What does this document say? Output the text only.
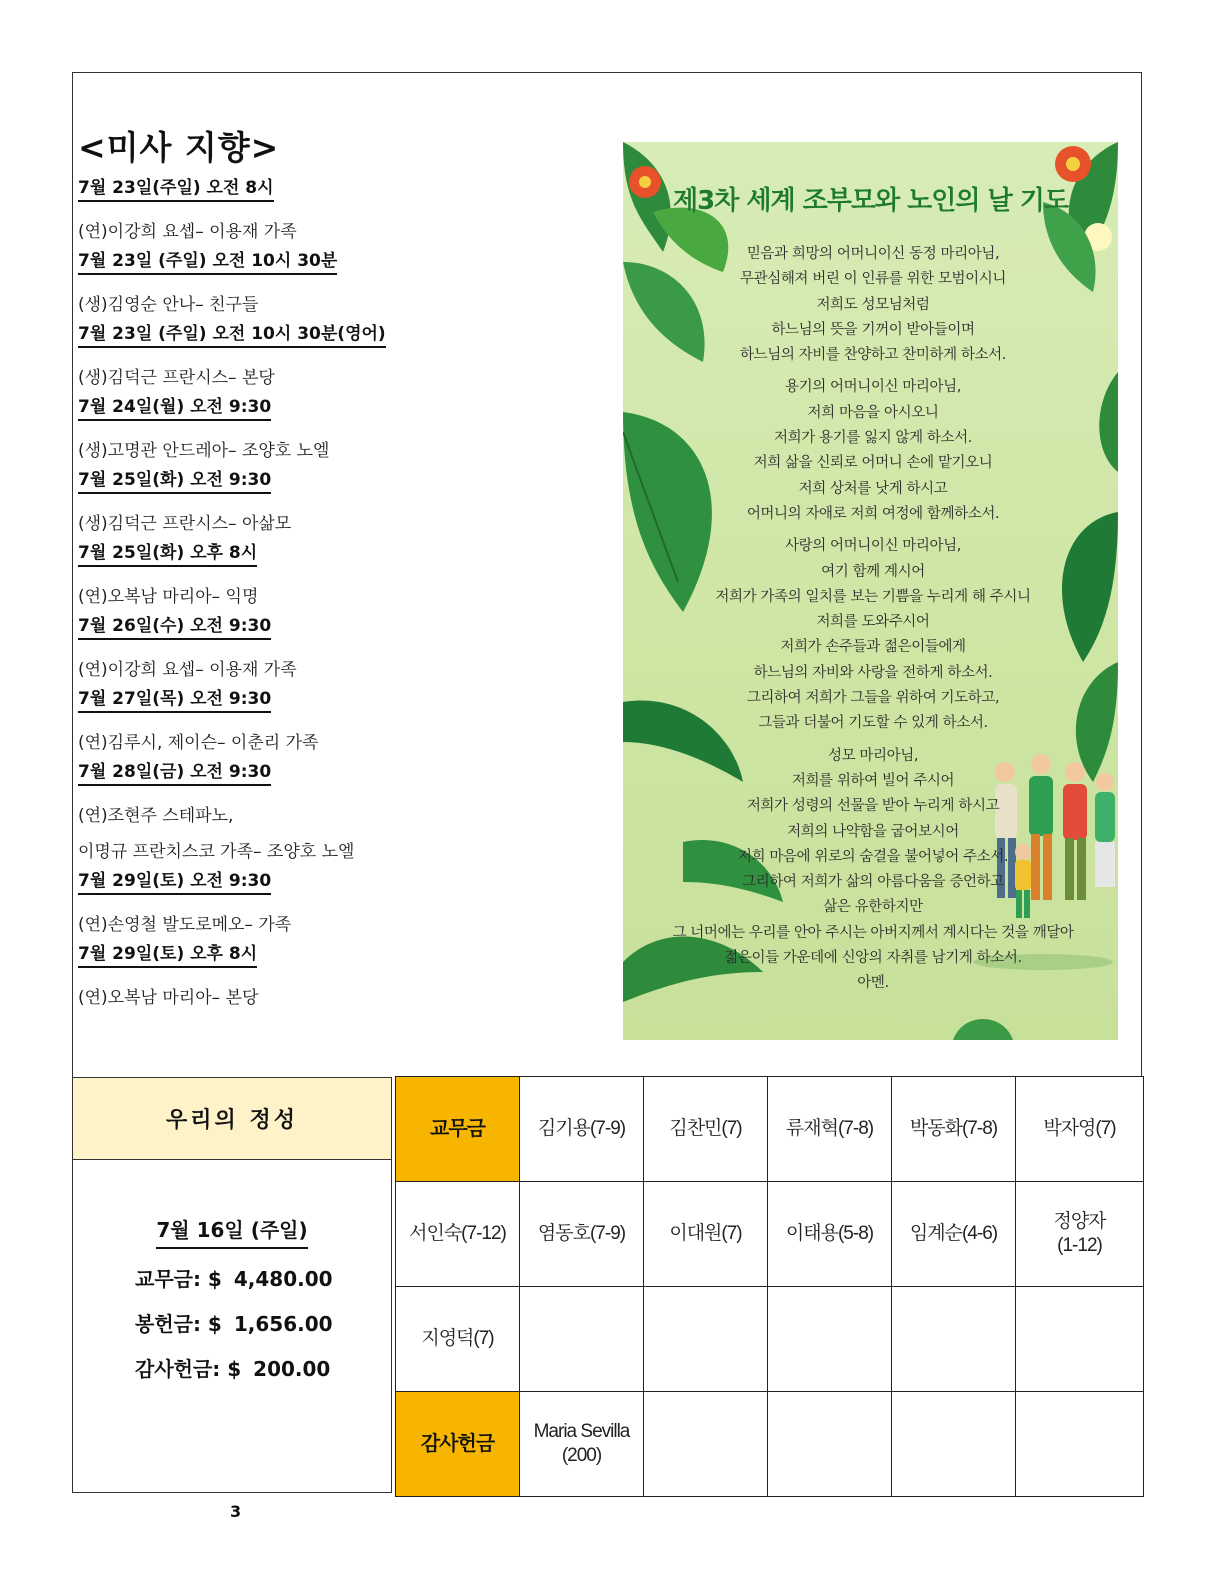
<미사 지향>
7월 23일(주일) 오전 8시
(연)이강희 요셉– 이용재 가족
7월 23일 (주일) 오전 10시 30분
(생)김영순 안나– 친구들
7월 23일 (주일) 오전 10시 30분(영어)
(생)김덕근 프란시스– 본당
7월 24일(월) 오전 9:30
(생)고명관 안드레아– 조양호 노엘
7월 25일(화) 오전 9:30
(생)김덕근 프란시스– 아삶모
7월 25일(화) 오후 8시
(연)오복남 마리아– 익명
7월 26일(수) 오전 9:30
(연)이강희 요셉– 이용재 가족
7월 27일(목) 오전 9:30
(연)김루시, 제이슨– 이춘리 가족
7월 28일(금) 오전 9:30
(연)조현주 스테파노,
이명규 프란치스코 가족– 조양호 노엘
7월 29일(토) 오전 9:30
(연)손영철 발도로메오– 가족
7월 29일(토) 오후 8시
(연)오복남 마리아– 본당
제3차 세계 조부모와 노인의 날 기도
믿음과 희망의 어머니이신 동정 마리아님,
무관심해져 버린 이 인류를 위한 모범이시니
저희도 성모님처럼
하느님의 뜻을 기꺼이 받아들이며
하느님의 자비를 찬양하고 찬미하게 하소서.
용기의 어머니이신 마리아님,
저희 마음을 아시오니
저희가 용기를 잃지 않게 하소서.
저희 삶을 신뢰로 어머니 손에 맡기오니
저희 상처를 낫게 하시고
어머니의 자애로 저희 여정에 함께하소서.
사랑의 어머니이신 마리아님,
여기 함께 계시어
저희가 가족의 일치를 보는 기쁨을 누리게 해 주시니
저희를 도와주시어
저희가 손주들과 젊은이들에게
하느님의 자비와 사랑을 전하게 하소서.
그리하여 저희가 그들을 위하여 기도하고,
그들과 더불어 기도할 수 있게 하소서.
성모 마리아님,
저희를 위하여 빌어 주시어
저희가 성령의 선물을 받아 누리게 하시고
저희의 나약함을 굽어보시어
저희 마음에 위로의 숨결을 불어넣어 주소서.
그리하여 저희가 삶의 아름다움을 증언하고
삶은 유한하지만
그 너머에는 우리를 안아 주시는 아버지께서 계시다는 것을 깨달아
젊은이들 가운데에 신앙의 자취를 남기게 하소서.
아멘.
우리의 정성
7월 16일 (주일)
교무금: $ 4,480.00
봉헌금: $ 1,656.00
감사헌금: $ 200.00
교무금	김기용(7-9)	김찬민(7)	류재혁(7-8)	박동화(7-8)	박자영(7)
서인숙(7-12)	염동호(7-9)	이대원(7)	이태용(5-8)	임계순(4-6)	정양자
(1-12)
지영덕(7)					
감사헌금	Maria Sevilla
(200)				
3
